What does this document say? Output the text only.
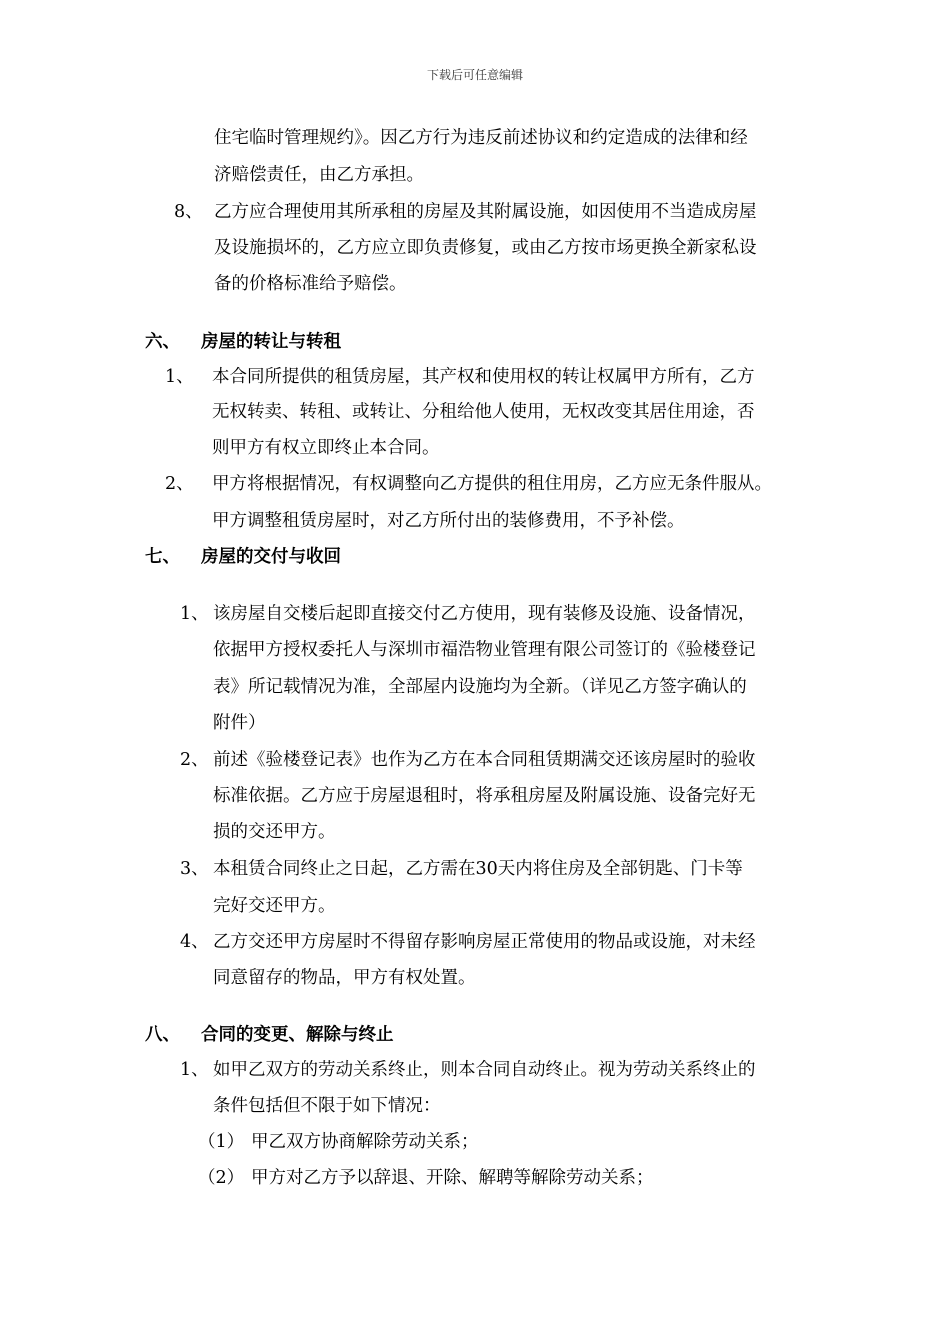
下载后可任意编辑
住宅临时管理规约》。因乙方行为违反前述协议和约定造成的法律和经
济赔偿责任，由乙方承担。
8、 乙方应合理使用其所承租的房屋及其附属设施，如因使用不当造成房屋
及设施损坏的，乙方应立即负责修复，或由乙方按市场更换全新家私设
备的价格标准给予赔偿。
六、 房屋的转让与转租
1、 本合同所提供的租赁房屋，其产权和使用权的转让权属甲方所有，乙方
无权转卖、转租、或转让、分租给他人使用，无权改变其居住用途，否
则甲方有权立即终止本合同。
2、 甲方将根据情况，有权调整向乙方提供的租住用房，乙方应无条件服从。
甲方调整租赁房屋时，对乙方所付出的装修费用，不予补偿。
七、 房屋的交付与收回
1、 该房屋自交楼后起即直接交付乙方使用，现有装修及设施、设备情况，
依据甲方授权委托人与深圳市福浩物业管理有限公司签订的《验楼登记
表》所记载情况为准，全部屋内设施均为全新。（详见乙方签字确认的
附件）
2、 前述《验楼登记表》也作为乙方在本合同租赁期满交还该房屋时的验收
标准依据。乙方应于房屋退租时，将承租房屋及附属设施、设备完好无
损的交还甲方。
3、 本租赁合同终止之日起，乙方需在30天内将住房及全部钥匙、门卡等
完好交还甲方。
4、 乙方交还甲方房屋时不得留存影响房屋正常使用的物品或设施，对未经
同意留存的物品，甲方有权处置。
八、 合同的变更、解除与终止
1、 如甲乙双方的劳动关系终止，则本合同自动终止。视为劳动关系终止的
条件包括但不限于如下情况：
（1） 甲乙双方协商解除劳动关系；
（2） 甲方对乙方予以辞退、开除、解聘等解除劳动关系；
